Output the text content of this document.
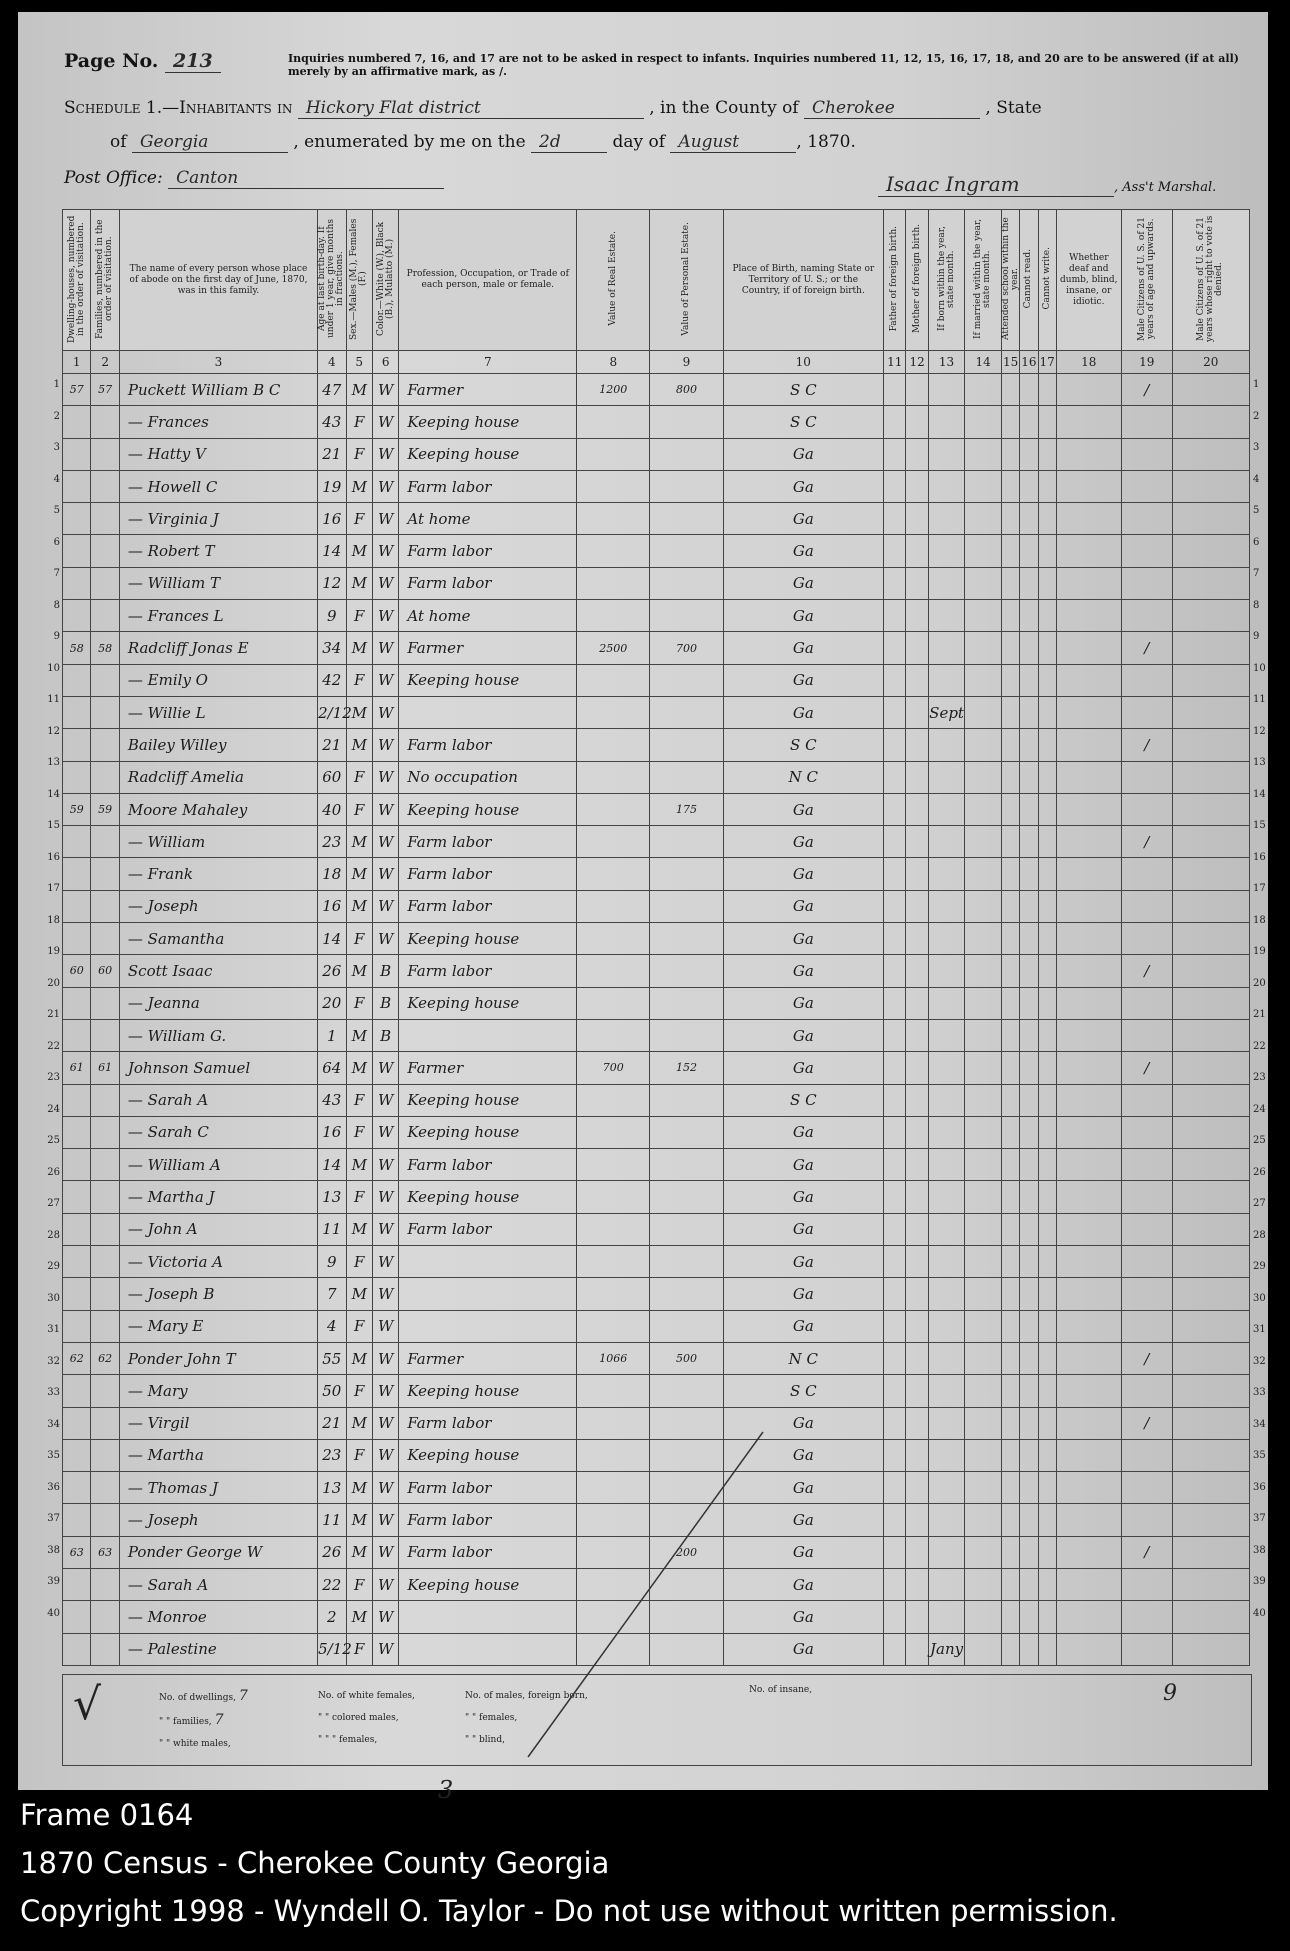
Page No. 213	Inquiries numbered 7, 16, and 17 are not to be asked in respect to infants. Inquiries numbered 11, 12, 15, 16, 17, 18, and 20 are to be answered (if at all) merely by an affirmative mark, as /.
Schedule 1.—Inhabitants in Hickory Flat district	, in the County of Cherokee	, State
of Georgia	, enumerated by me on the 2d	day of August	, 1870.
Post Office: Canton	Isaac Ingram	, Ass't Marshal.
Dwelling-houses, numbered in the order of visitation.	Families, numbered in the order of visitation.	The name of every person whose place of abode on the first day of June, 1870, was in this family.	Age at last birth-day. If under 1 year, give months in fractions.	Sex.—Males (M.), Females (F.)	Color.—White (W.), Black (B.), Mulatto (M.)	Profession, Occupation, or Trade of each person, male or female.	Value of Real Estate.	Value of Personal Estate.	Place of Birth, naming State or Territory of U. S.; or the Country, if of foreign birth.	Father of foreign birth.	Mother of foreign birth.	If born within the year, state month.	If married within the year, state month.	Attended school within the year.	Cannot read.	Cannot write.	Whether deaf and dumb, blind, insane, or idiotic.	Male Citizens of U. S. of 21 years of age and upwards.	Male Citizens of U. S. of 21 years whose right to vote is denied.
1	2	3	4	5	6	7	8	9	10	11	12	13	14	15	16	17	18	19	20
57	57	Puckett William B C	47	M	W	Farmer	1200	800	S C									/	
		— Frances	43	F	W	Keeping house			S C										
		— Hatty V	21	F	W	Keeping house			Ga										
		— Howell C	19	M	W	Farm labor			Ga										
		— Virginia J	16	F	W	At home			Ga										
		— Robert T	14	M	W	Farm labor			Ga										
		— William T	12	M	W	Farm labor			Ga										
		— Frances L	9	F	W	At home			Ga										
58	58	Radcliff Jonas E	34	M	W	Farmer	2500	700	Ga									/	
		— Emily O	42	F	W	Keeping house			Ga										
		— Willie L	2/12	M	W				Ga			Sept							
		Bailey Willey	21	M	W	Farm labor			S C									/	
		Radcliff Amelia	60	F	W	No occupation			N C										
59	59	Moore Mahaley	40	F	W	Keeping house		175	Ga										
		— William	23	M	W	Farm labor			Ga									/	
		— Frank	18	M	W	Farm labor			Ga										
		— Joseph	16	M	W	Farm labor			Ga										
		— Samantha	14	F	W	Keeping house			Ga										
60	60	Scott Isaac	26	M	B	Farm labor			Ga									/	
		— Jeanna	20	F	B	Keeping house			Ga										
		— William G.	1	M	B				Ga										
61	61	Johnson Samuel	64	M	W	Farmer	700	152	Ga									/	
		— Sarah A	43	F	W	Keeping house			S C										
		— Sarah C	16	F	W	Keeping house			Ga										
		— William A	14	M	W	Farm labor			Ga										
		— Martha J	13	F	W	Keeping house			Ga										
		— John A	11	M	W	Farm labor			Ga										
		— Victoria A	9	F	W				Ga										
		— Joseph B	7	M	W				Ga										
		— Mary E	4	F	W				Ga										
62	62	Ponder John T	55	M	W	Farmer	1066	500	N C									/	
		— Mary	50	F	W	Keeping house			S C										
		— Virgil	21	M	W	Farm labor			Ga									/	
		— Martha	23	F	W	Keeping house			Ga										
		— Thomas J	13	M	W	Farm labor			Ga										
		— Joseph	11	M	W	Farm labor			Ga										
63	63	Ponder George W	26	M	W	Farm labor		200	Ga									/	
		— Sarah A	22	F	W	Keeping house			Ga										
		— Monroe	2	M	W				Ga										
		— Palestine	5/12	F	W				Ga			Jany							
√	No. of dwellings, 7
" " families, 7
" " white males,
No. of white females,
" " colored males,
" " " females,
No. of males, foreign born,
" " females,
" " blind,
No. of insane,	9
3
1	1
2	2
3	3
4	4
5	5
6	6
7	7
8	8
9	9
10	10
11	11
12	12
13	13
14	14
15	15
16	16
17	17
18	18
19	19
20	20
21	21
22	22
23	23
24	24
25	25
26	26
27	27
28	28
29	29
30	30
31	31
32	32
33	33
34	34
35	35
36	36
37	37
38	38
39	39
40	40
Frame 0164
1870 Census - Cherokee County Georgia
Copyright 1998 - Wyndell O. Taylor - Do not use without written permission.
